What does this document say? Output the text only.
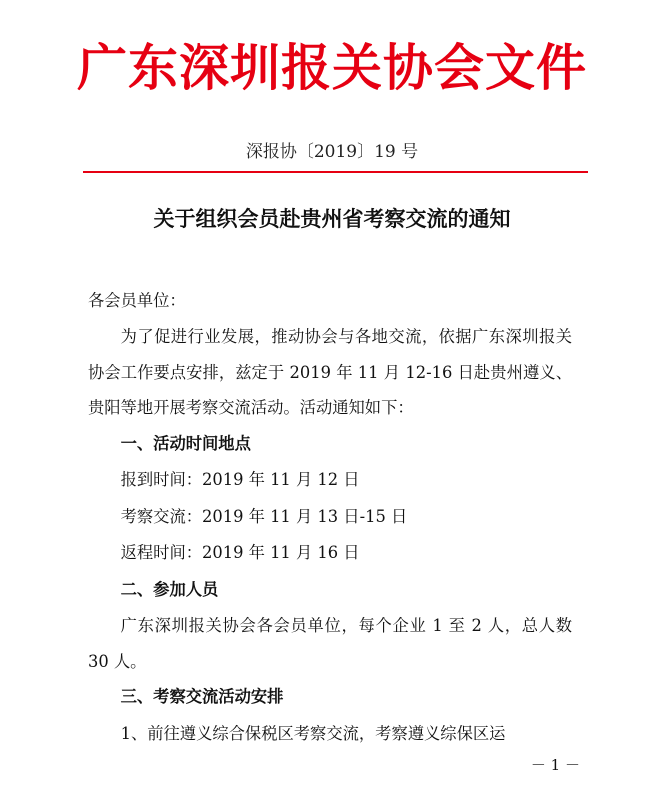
广东深圳报关协会文件
深报协〔2019〕19 号
关于组织会员赴贵州省考察交流的通知

各会员单位：

为了促进行业发展，推动协会与各地交流，依据广东深圳报关协会工作要点安排，兹定于 2019 年 11 月 12-16 日赴贵州遵义、贵阳等地开展考察交流活动。活动通知如下：

一、活动时间地点

报到时间：2019 年 11 月 12 日

考察交流：2019 年 11 月 13 日-15 日

返程时间：2019 年 11 月 16 日

二、参加人员

广东深圳报关协会各会员单位，每个企业 1 至 2 人，总人数 30 人。

三、考察交流活动安排

1、前往遵义综合保税区考察交流，考察遵义综保区运

－ 1 －
